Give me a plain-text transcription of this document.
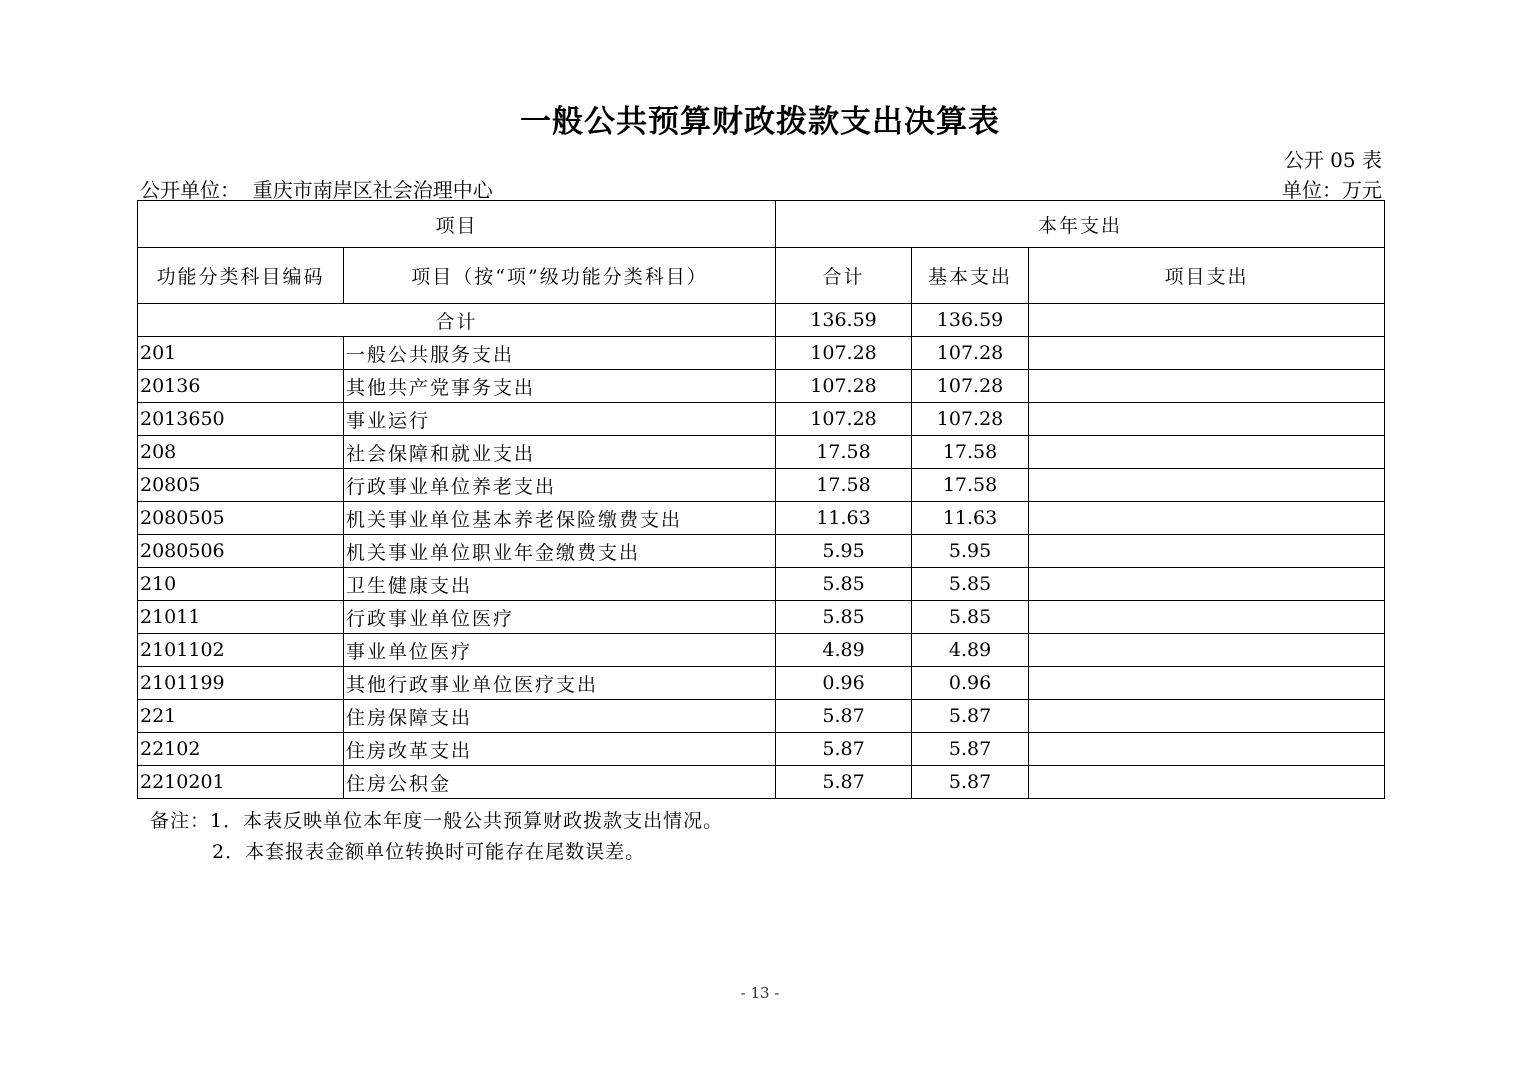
一般公共预算财政拨款支出决算表
公开 05 表
公开单位：  重庆市南岸区社会治理中心	单位：万元
项目		本年支出		
功能分类科目编码	项目（按“项”级功能分类科目）	合计	基本支出	项目支出
合计		136.59	136.59	
201	一般公共服务支出	107.28	107.28	
20136	其他共产党事务支出	107.28	107.28	
2013650	事业运行	107.28	107.28	
208	社会保障和就业支出	17.58	17.58	
20805	行政事业单位养老支出	17.58	17.58	
2080505	机关事业单位基本养老保险缴费支出	11.63	11.63	
2080506	机关事业单位职业年金缴费支出	5.95	5.95	
210	卫生健康支出	5.85	5.85	
21011	行政事业单位医疗	5.85	5.85	
2101102	事业单位医疗	4.89	4.89	
2101199	其他行政事业单位医疗支出	0.96	0.96	
221	住房保障支出	5.87	5.87	
22102	住房改革支出	5.87	5.87	
2210201	住房公积金	5.87	5.87	
备注：1．本表反映单位本年度一般公共预算财政拨款支出情况。
2．本套报表金额单位转换时可能存在尾数误差。
- 13 -
